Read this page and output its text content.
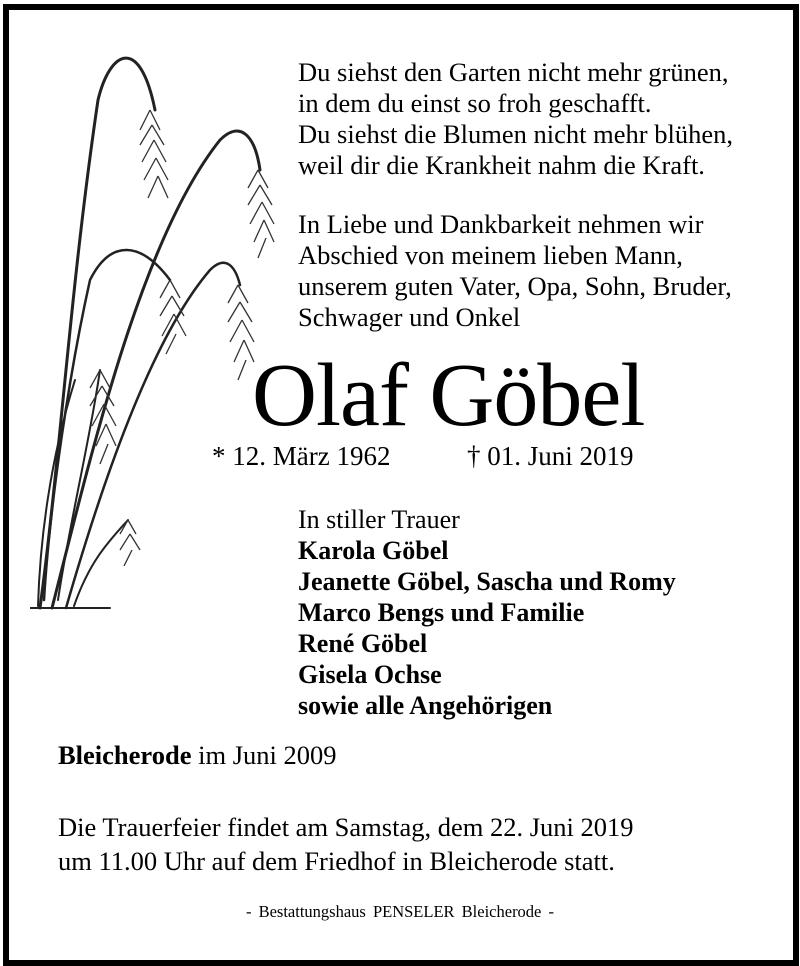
Du siehst den Garten nicht mehr grünen,
in dem du einst so froh geschafft.
Du siehst die Blumen nicht mehr blühen,
weil dir die Krankheit nahm die Kraft.
In Liebe und Dankbarkeit nehmen wir
Abschied von meinem lieben Mann,
unserem guten Vater, Opa, Sohn, Bruder,
Schwager und Onkel
Olaf Göbel
* 12. März 1962	† 01. Juni 2019
In stiller Trauer
Karola Göbel
Jeanette Göbel, Sascha und Romy
Marco Bengs und Familie
René Göbel
Gisela Ochse
sowie alle Angehörigen
Bleicherode im Juni 2009
Die Trauerfeier findet am Samstag, dem 22. Juni 2019
um 11.00 Uhr auf dem Friedhof in Bleicherode statt.
- Bestattungshaus PENSELER Bleicherode -
